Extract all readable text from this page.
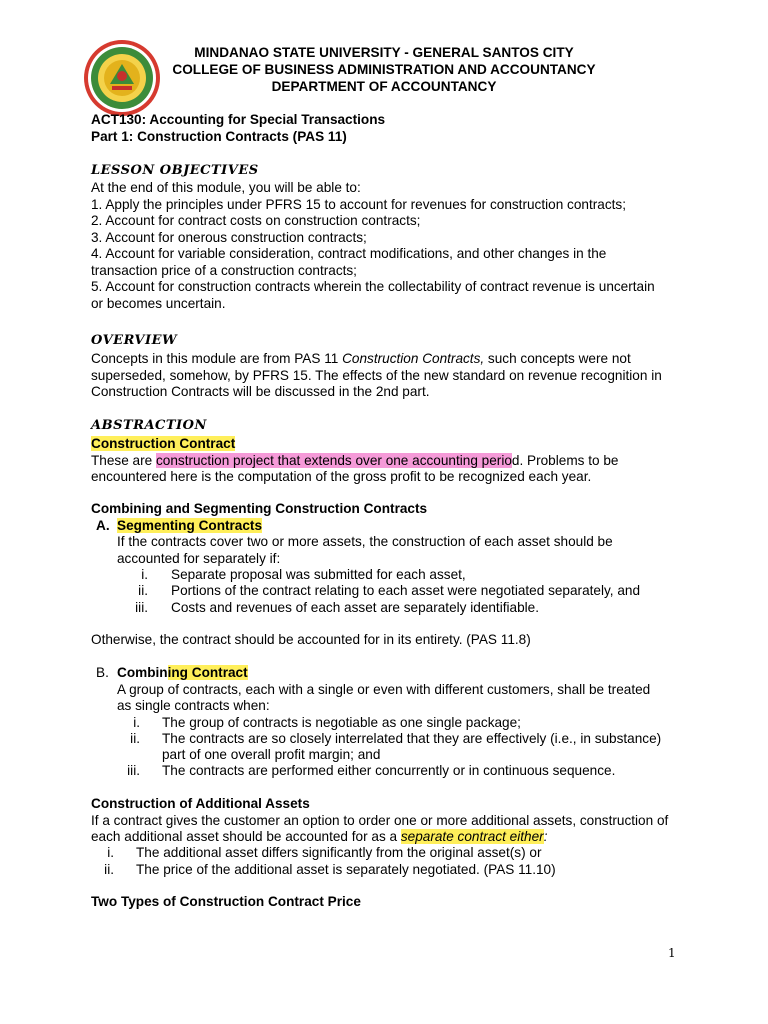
MINDANAO STATE UNIVERSITY - GENERAL SANTOS CITY
COLLEGE OF BUSINESS ADMINISTRATION AND ACCOUNTANCY
DEPARTMENT OF ACCOUNTANCY
ACT130: Accounting for Special Transactions
Part 1: Construction Contracts (PAS 11)
LESSON OBJECTIVES
At the end of this module, you will be able to:
1. Apply the principles under PFRS 15 to account for revenues for construction contracts;
2. Account for contract costs on construction contracts;
3. Account for onerous construction contracts;
4. Account for variable consideration, contract modifications, and other changes in the
transaction price of a construction contracts;
5. Account for construction contracts wherein the collectability of contract revenue is uncertain
or becomes uncertain.
OVERVIEW
Concepts in this module are from PAS 11 Construction Contracts, such concepts were not
superseded, somehow, by PFRS 15. The effects of the new standard on revenue recognition in
Construction Contracts will be discussed in the 2nd part.
ABSTRACTION
Construction Contract
These are construction project that extends over one accounting period. Problems to be
encountered here is the computation of the gross profit to be recognized each year.
Combining and Segmenting Construction Contracts
A. Segmenting Contracts
If the contracts cover two or more assets, the construction of each asset should be
accounted for separately if:
i. Separate proposal was submitted for each asset,
ii. Portions of the contract relating to each asset were negotiated separately, and
iii. Costs and revenues of each asset are separately identifiable.
Otherwise, the contract should be accounted for in its entirety. (PAS 11.8)
B. Combining Contract
A group of contracts, each with a single or even with different customers, shall be treated
as single contracts when:
i. The group of contracts is negotiable as one single package;
ii. The contracts are so closely interrelated that they are effectively (i.e., in substance)
part of one overall profit margin; and
iii. The contracts are performed either concurrently or in continuous sequence.
Construction of Additional Assets
If a contract gives the customer an option to order one or more additional assets, construction of
each additional asset should be accounted for as a separate contract either:
i. The additional asset differs significantly from the original asset(s) or
ii. The price of the additional asset is separately negotiated. (PAS 11.10)
Two Types of Construction Contract Price
1
